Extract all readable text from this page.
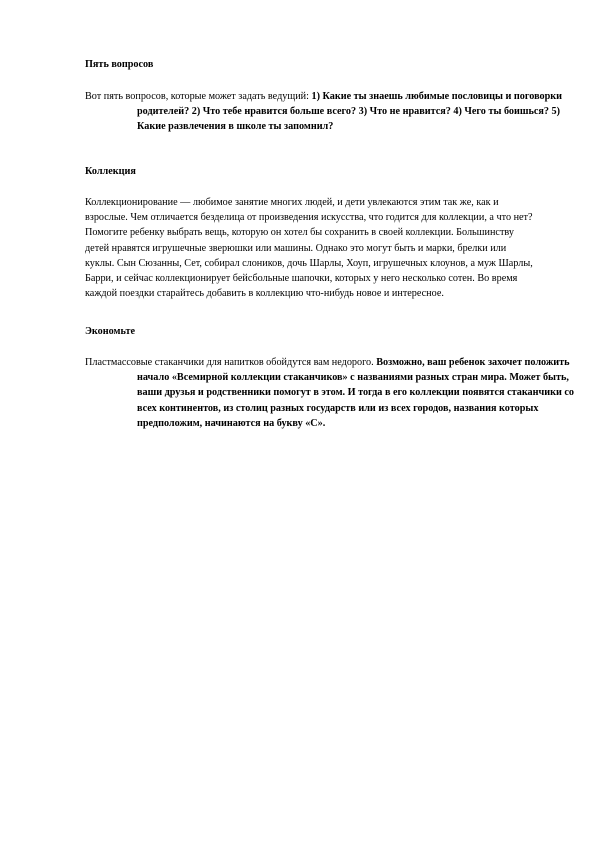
Пять вопросов

Вот пять вопросов, которые может задать ведущий: 1) Какие ты знаешь любимые пословицы и поговорки родителей? 2) Что тебе нравится больше всего? 3) Что не нравится? 4) Чего ты боишься? 5) Какие развлечения в школе ты запомнил?

Коллекция

Коллекционирование — любимое занятие многих людей, и дети увлекаются этим так же, как и взрослые. Чем отличается безделица от произведения искусства, что годится для коллекции, а что нет? Помогите ребенку выбрать вещь, которую он хотел бы сохранить в своей коллекции. Большинству детей нравятся игрушечные зверюшки или машины. Однако это могут быть и марки, брелки или куклы. Сын Сюзанны, Сет, собирал слоников, дочь Шарлы, Хоуп, игрушечных клоунов, а муж Шарлы, Барри, и сейчас коллекционирует бейсбольные шапочки, которых у него несколько сотен. Во время каждой поездки старайтесь добавить в коллекцию что-нибудь новое и интересное.

Экономьте

Пластмассовые стаканчики для напитков обойдутся вам недорого. Возможно, ваш ребенок захочет положить начало «Всемирной коллекции стаканчиков» с названиями разных стран мира. Может быть, ваши друзья и родственники помогут в этом. И тогда в его коллекции появятся стаканчики со всех континентов, из столиц разных государств или из всех городов, названия которых предположим, начинаются на букву «С».
